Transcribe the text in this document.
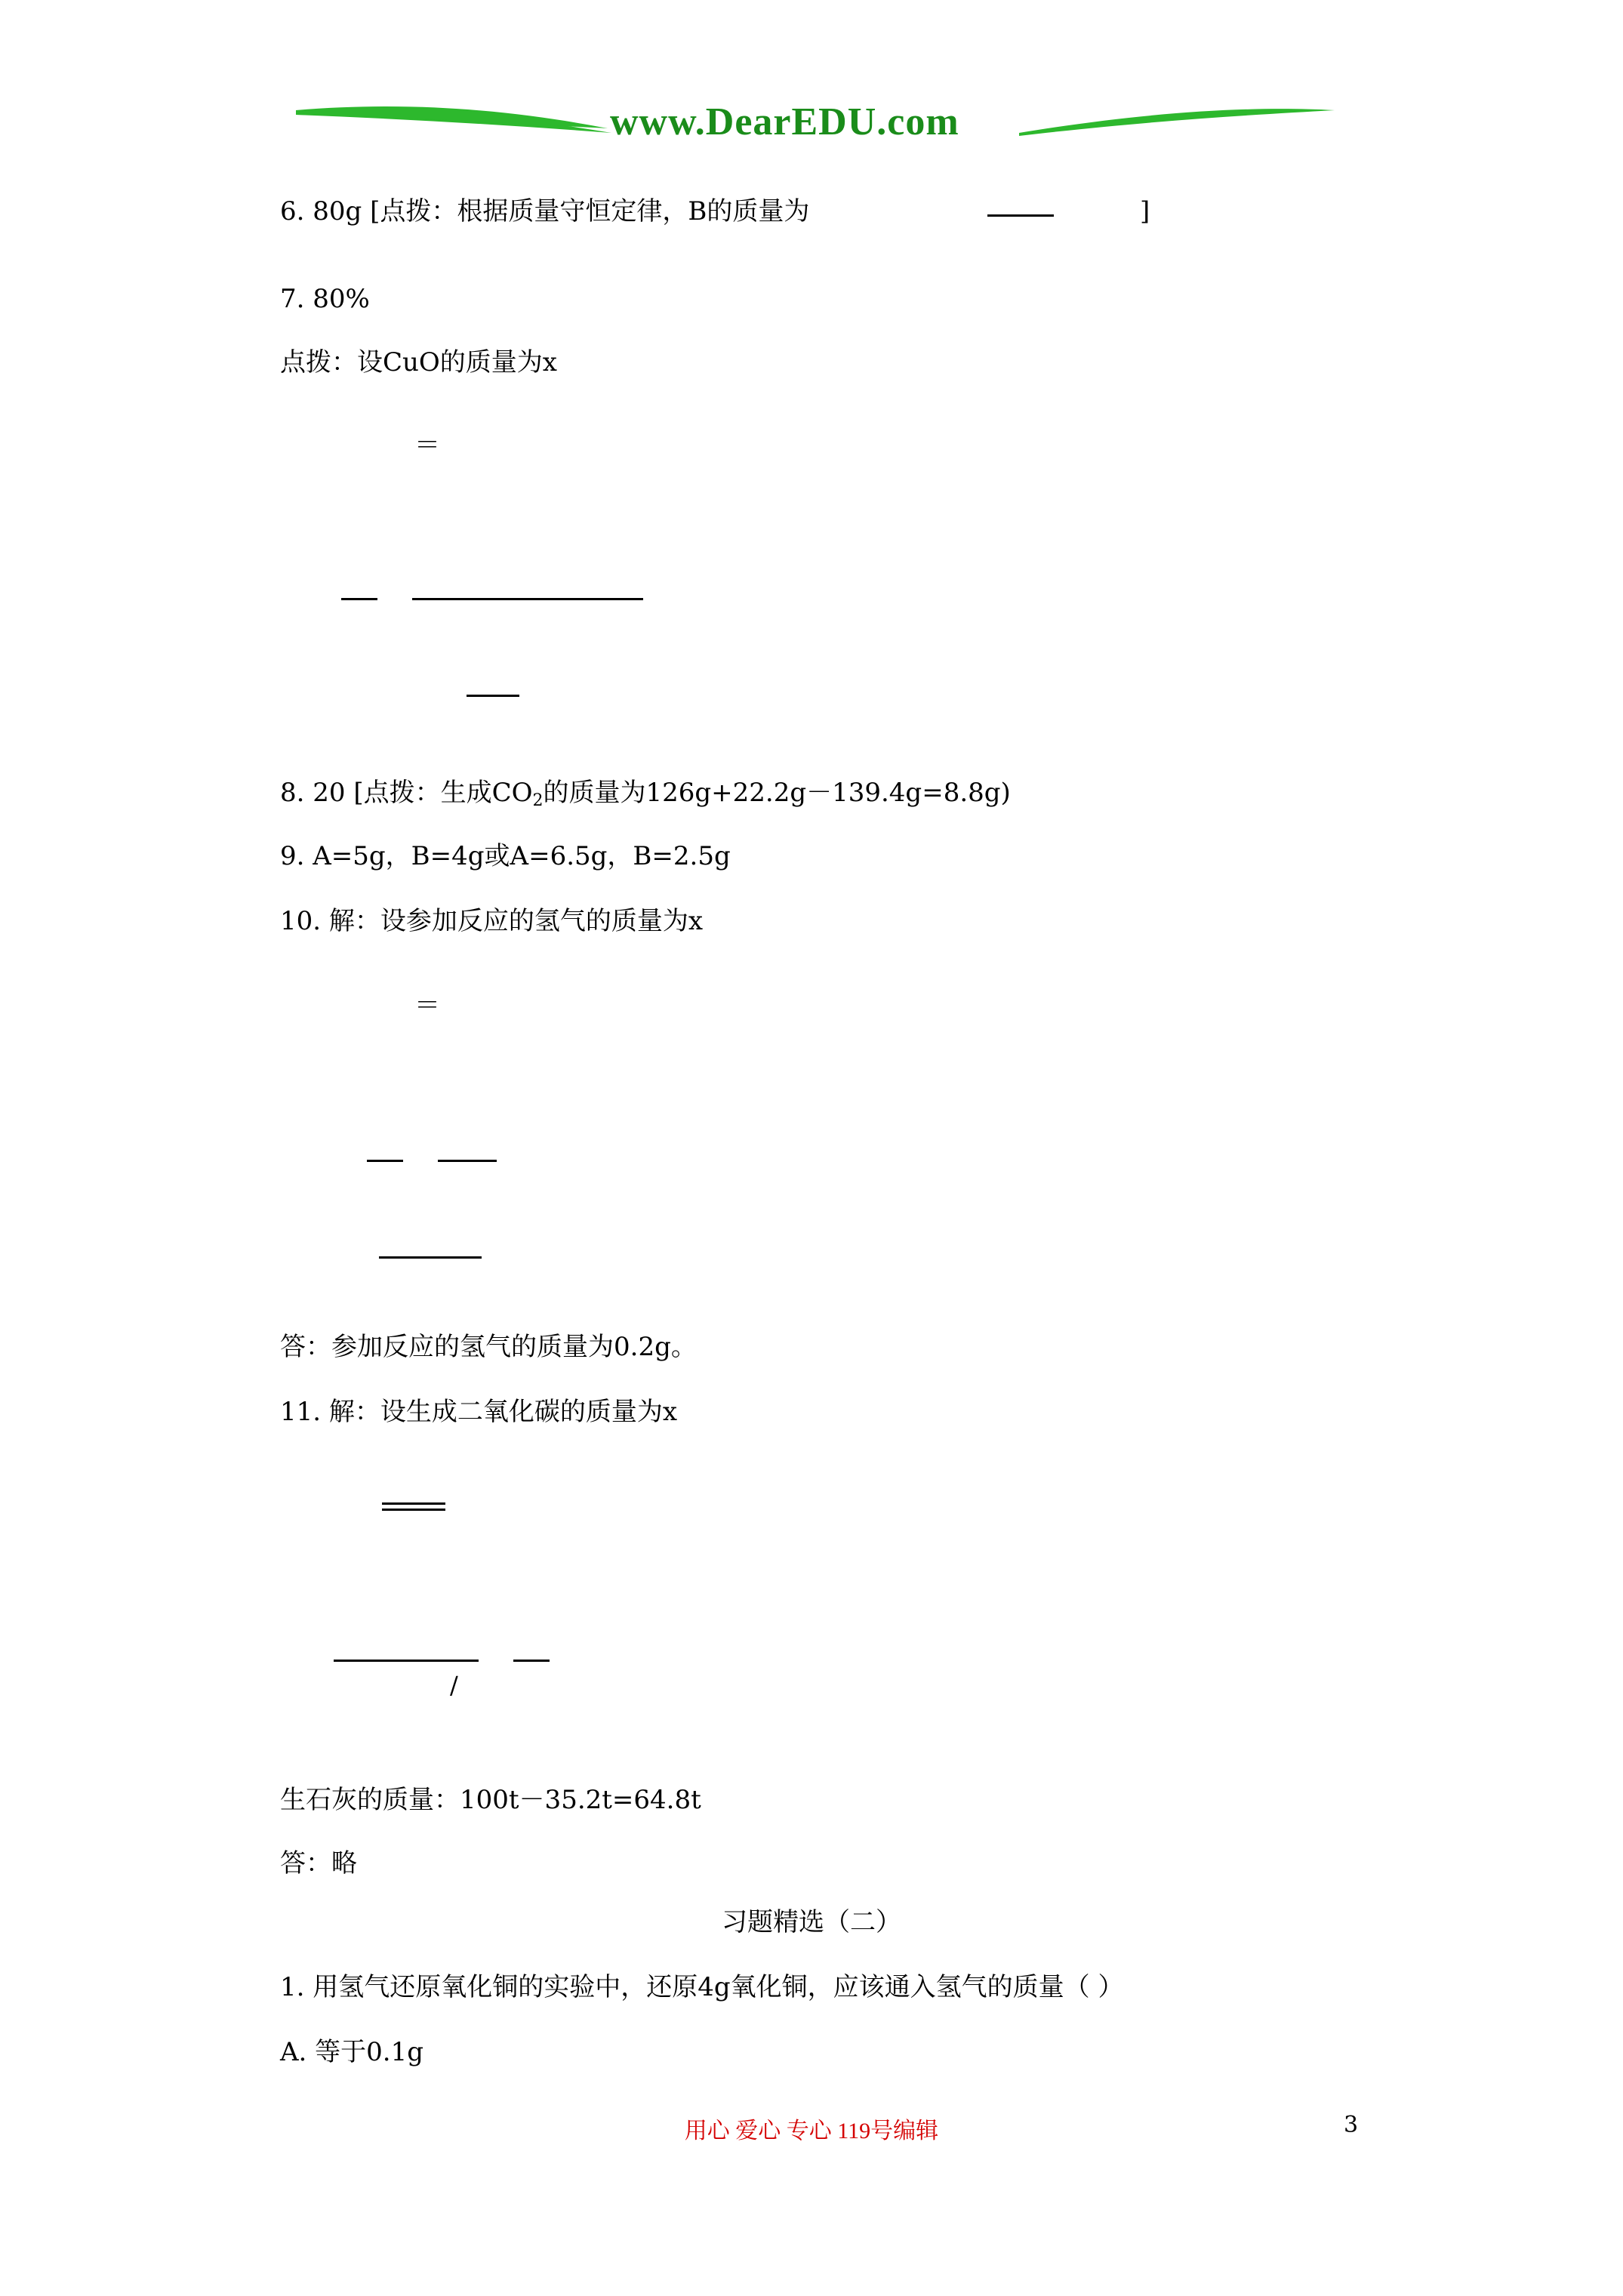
www.DearEDU.com
6. 80g [点拨：根据质量守恒定律，B的质量为	]
7. 80%
点拨：设CuO的质量为x
＝
8. 20 [点拨：生成$CO_2$的质量为126g+22.2g－139.4g=8.8g)
9. A=5g，B=4g或A=6.5g，B=2.5g
10. 解：设参加反应的氢气的质量为x
＝
答：参加反应的氢气的质量为0.2g。
11. 解：设生成二氧化碳的质量为x
/
生石灰的质量：100t－35.2t=64.8t
答：略
习题精选（二）
1. 用氢气还原氧化铜的实验中，还原4g氧化铜，应该通入氢气的质量（ ）
A. 等于0.1g
用心 爱心 专心 119号编辑	3
